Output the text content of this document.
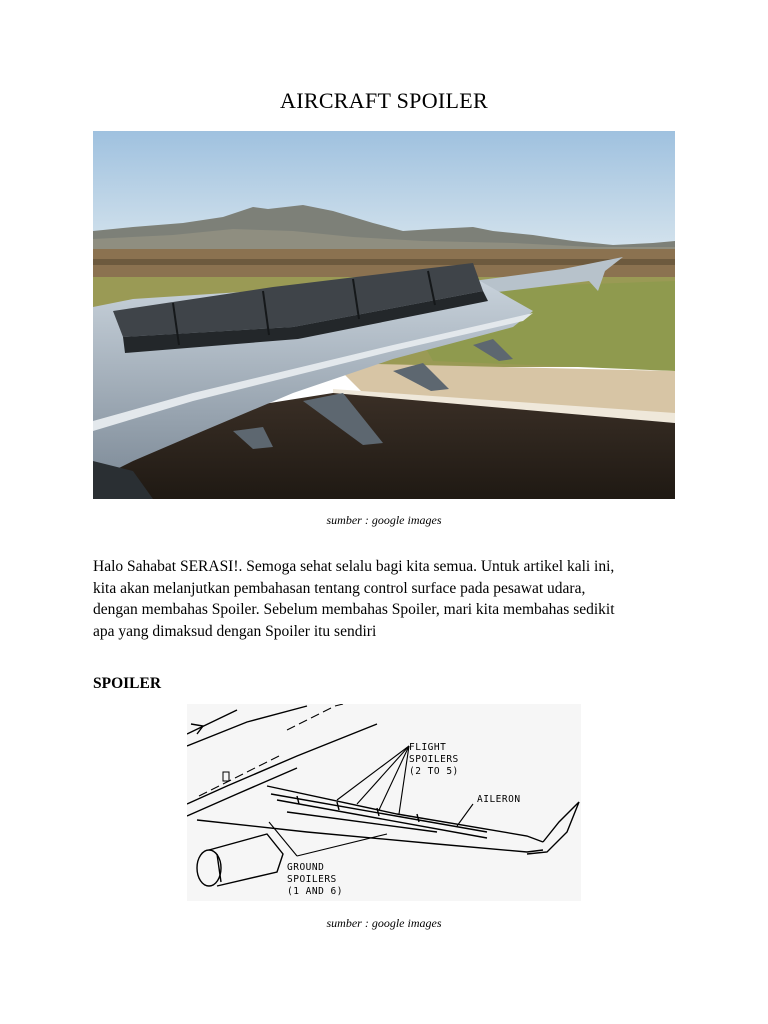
AIRCRAFT SPOILER
sumber : google images
Halo Sahabat SERASI!. Semoga sehat selalu bagi kita semua. Untuk artikel kali ini,
kita akan melanjutkan pembahasan tentang control surface pada pesawat udara,
dengan membahas Spoiler. Sebelum membahas Spoiler, mari kita membahas sedikit
apa yang dimaksud dengan Spoiler itu sendiri
SPOILER
FLIGHT
SPOILERS
(2 TO 5)
AILERON
GROUND
SPOILERS
(1 AND 6)
sumber : google images
